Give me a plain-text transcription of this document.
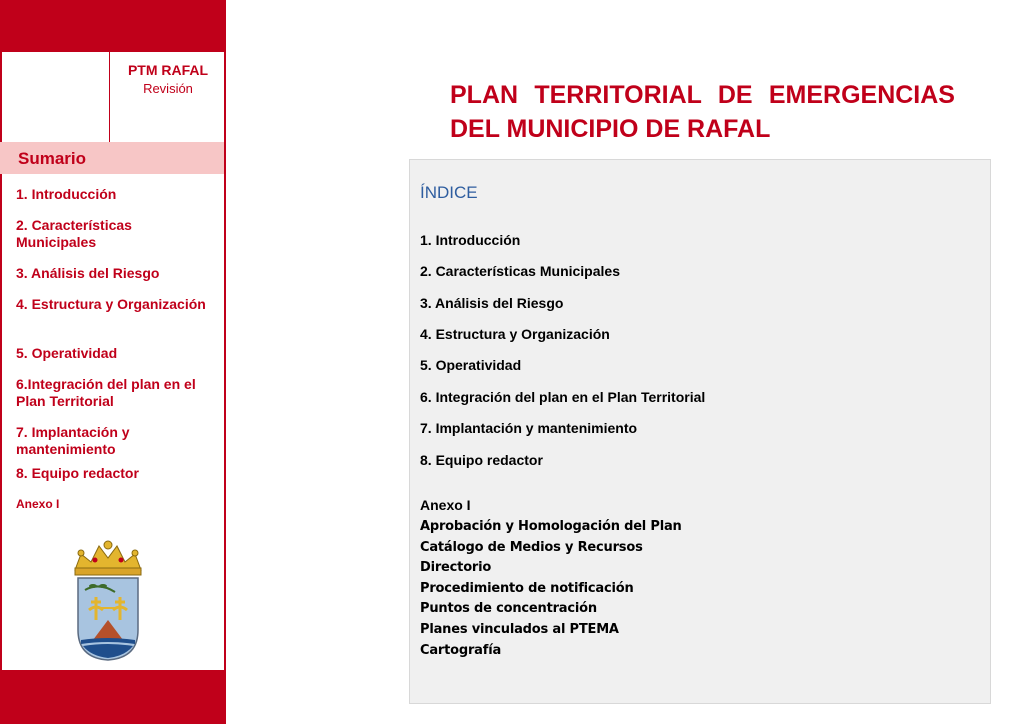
PTM RAFAL
Revisión
Sumario
1. Introducción
2. Características Municipales
3. Análisis del Riesgo
4. Estructura y Organización
5. Operatividad
6.Integración del plan en el Plan Territorial
7. Implantación y mantenimiento
8. Equipo redactor
Anexo I
PLAN TERRITORIAL DE EMERGENCIAS
DEL MUNICIPIO DE RAFAL
ÍNDICE
1. Introducción
2. Características Municipales
3. Análisis del Riesgo
4. Estructura y Organización
5. Operatividad
6. Integración del plan en el Plan Territorial
7. Implantación y mantenimiento
8. Equipo redactor
Anexo I
Aprobación y Homologación del Plan
Catálogo de Medios y Recursos
Directorio
Procedimiento de notificación
Puntos de concentración
Planes vinculados al PTEMA
Cartografía
